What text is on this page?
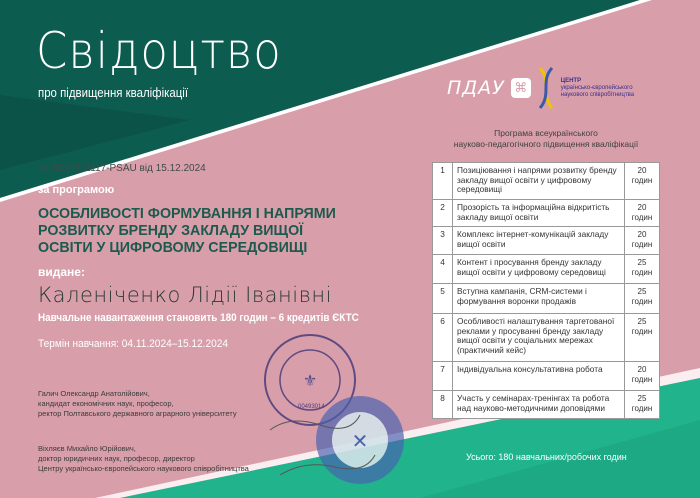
⚜
✕
Свідоцтво
про підвищення кваліфікації
№ ADV-041117-PSAU від 15.12.2024
за програмою
ОСОБЛИВОСТІ ФОРМУВАННЯ І НАПРЯМИ РОЗВИТКУ БРЕНДУ ЗАКЛАДУ ВИЩОЇ ОСВІТИ У ЦИФРОВОМУ СЕРЕДОВИЩІ
видане:
Каленіченко Лідії Іванівні
Навчальне навантаження становить 180 годин – 6 кредитів ЄКТС
Термін навчання: 04.11.2024–15.12.2024
Галич Олександр Анатолійович,
кандидат економічних наук, професор,
ректор Полтавського державного аграрного університету
Віхляєв Михайло Юрійович,
доктор юридичних наук, професор, директор
Центру українсько-європейського наукового співробітництва
00493014
ПДАУ ⌘	ЦЕНТР
українсько-європейського
наукового співробітництва
Програма всеукраїнського
науково-педагогічного підвищення кваліфікації
1	Позиціювання і напрями розвитку бренду закладу вищої освіти у цифровому середовищі	20
годин

2	Прозорість та інформаційна відкритість закладу вищої освіти	20
годин

3	Комплекс інтернет-комунікацій закладу вищої освіти	20
годин

4	Контент і просування бренду закладу вищої освіти у цифровому середовищі	25
годин

5	Вступна кампанія, CRM-системи і формування воронки продажів	25
годин

6	Особливості налаштування таргетованої реклами у просуванні бренду закладу вищої освіти у соціальних мережах (практичний кейс)	25
годин

7	Індивідуальна консультативна робота	20
годин

8	Участь у семінарах-тренінгах та робота над науково-методичними доповідями	25
годин
Усього: 180 навчальних/робочих годин
